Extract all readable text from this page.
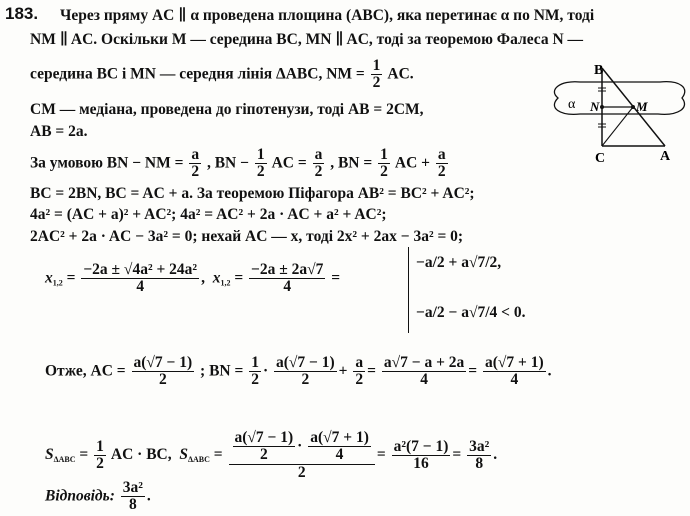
183. Через пряму AC ∥ α проведена площина (ABC), яка перетинає α по NM, тоді
NM ∥ AC. Оскільки M — середина BC, MN ∥ AC, тоді за теоремою Фалеса N —
середина BC і MN — середня лінія ΔABC, NM = $\frac{1}{2}$ AC.
CM — медіана, проведена до гіпотенузи, тоді AB = 2CM,
AB = 2a.
За умовою BN − NM = $\frac{a}{2}$ , BN − $\frac{1}{2}$ AC = $\frac{a}{2}$ , BN = $\frac{1}{2}$ AC + $\frac{a}{2}$
BC = 2BN, BC = AC + a. За теоремою Піфагора AB² = BC² + AC²;
4a² = (AC + a)² + AC²; 4a² = AC² + 2a · AC + a² + AC²;
2AC² + 2a · AC − 3a² = 0; нехай AC — x, тоді 2x² + 2ax − 3a² = 0;
$x_{1,2} = \frac{\text{−2a ± √4a² + 24a²}}{4}$ ,  $x_{1,2} = \frac{-2a \pm 2a√7}{4}$ =
−a/2 + a√7/2,
−a/2 − a√7/4 < 0.
Отже, AC = $\frac{a(√7 - 1)}{2}$ ; BN = $\frac{1}{2} \cdot \frac{a(√7 - 1)}{2} + \frac{a}{2} = \frac{a√7 - a + 2a}{4} = \frac{a(√7 + 1)}{4}$ .
$S_{\Delta ABC} = \frac{1}{2}$ AC · BC, $S_{\Delta ABC} = \frac{\frac{a(√7 - 1)}{2} \cdot \frac{a(√7 + 1)}{4}}{2} = \frac{\text{a²(7 − 1)}}{16} = \frac{\text{3a²}}{8}$ .
Відповідь: $\frac{\text{3a²}}{8}$ .
B
C	A
N	M
α
